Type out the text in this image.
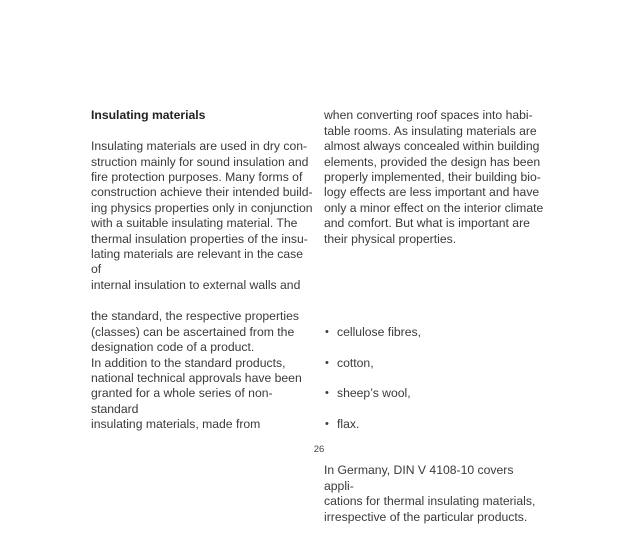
Insulating materials

Insulating materials are used in dry con-
struction mainly for sound insulation and
fire protection purposes. Many forms of
construction achieve their intended build-
ing physics properties only in conjunction
with a suitable insulating material. The
thermal insulation properties of the insu-
lating materials are relevant in the case of
internal insulation to external walls and

when converting roof spaces into habi-
table rooms. As insulating materials are
almost always concealed within building
elements, provided the design has been
properly implemented, their building bio-
logy effects are less important and have
only a minor effect on the interior climate
and comfort. But what is important are
their physical properties.

the standard, the respective properties
(classes) can be ascertained from the
designation code of a product.
In addition to the standard products,
national technical approvals have been
granted for a whole series of non-standard
insulating materials, made from

• cellulose fibres,

• cotton,

• sheep’s wool,

• flax.

In Germany, DIN V 4108-10 covers appli-
cations for thermal insulating materials,
irrespective of the particular products.

26
